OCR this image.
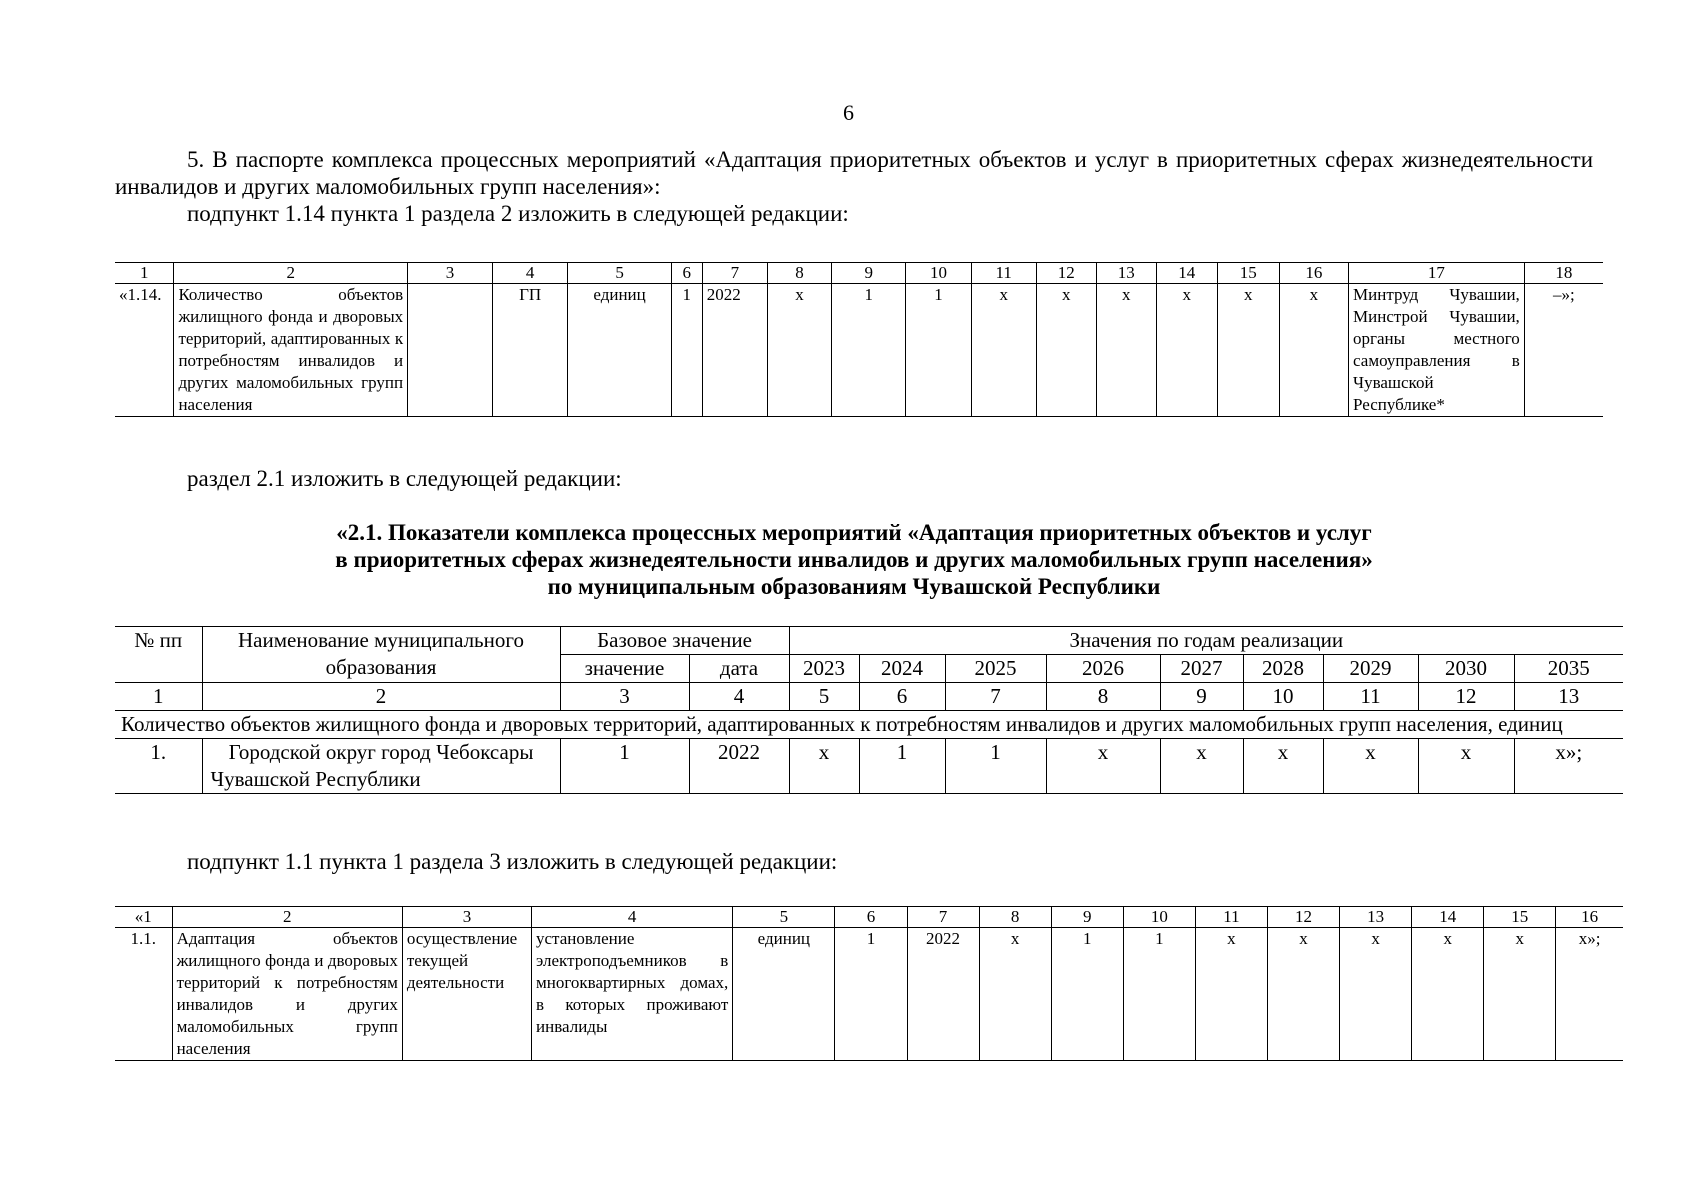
6
5. В паспорте комплекса процессных мероприятий «Адаптация приоритетных объектов и услуг в приоритетных сферах жизнедеятельности инвалидов и других маломобильных групп населения»:
подпункт 1.14 пункта 1 раздела 2 изложить в следующей редакции:
1	2	3	4	5	6	7	8	9	10	11	12	13	14	15	16	17	18
«1.14.	Количество объектов жилищного фонда и дворовых территорий, адаптированных к потребностям инвалидов и других маломобильных групп населения		ГП	единиц	1	2022	х	1	1	х	х	х	х	х	х	Минтруд Чувашии, Минстрой Чувашии, органы местного самоуправления в Чувашской Республике*	–»;
раздел 2.1 изложить в следующей редакции:
«2.1. Показатели комплекса процессных мероприятий «Адаптация приоритетных объектов и услуг
в приоритетных сферах жизнедеятельности инвалидов и других маломобильных групп населения»
по муниципальным образованиям Чувашской Республики
№ пп	Наименование муниципального образования	Базовое значение		Значения по годам реализации								
		значение	дата	2023	2024	2025	2026	2027	2028	2029	2030	2035
1	2	3	4	5	6	7	8	9	10	11	12	13
Количество объектов жилищного фонда и дворовых территорий, адаптированных к потребностям инвалидов и других маломобильных групп населения, единиц												
1.	Городской округ город Чебоксары Чувашской Республики	1	2022	х	1	1	х	х	х	х	х	х»;
подпункт 1.1 пункта 1 раздела 3 изложить в следующей редакции:
«1	2	3	4	5	6	7	8	9	10	11	12	13	14	15	16
1.1.	Адаптация объектов жилищного фонда и дворовых территорий к потребностям инвалидов и других маломобильных групп населения	осуществление текущей деятельности	установление электроподъемников в многоквартирных домах, в которых проживают инвалиды	единиц	1	2022	х	1	1	х	х	х	х	х	х»;
